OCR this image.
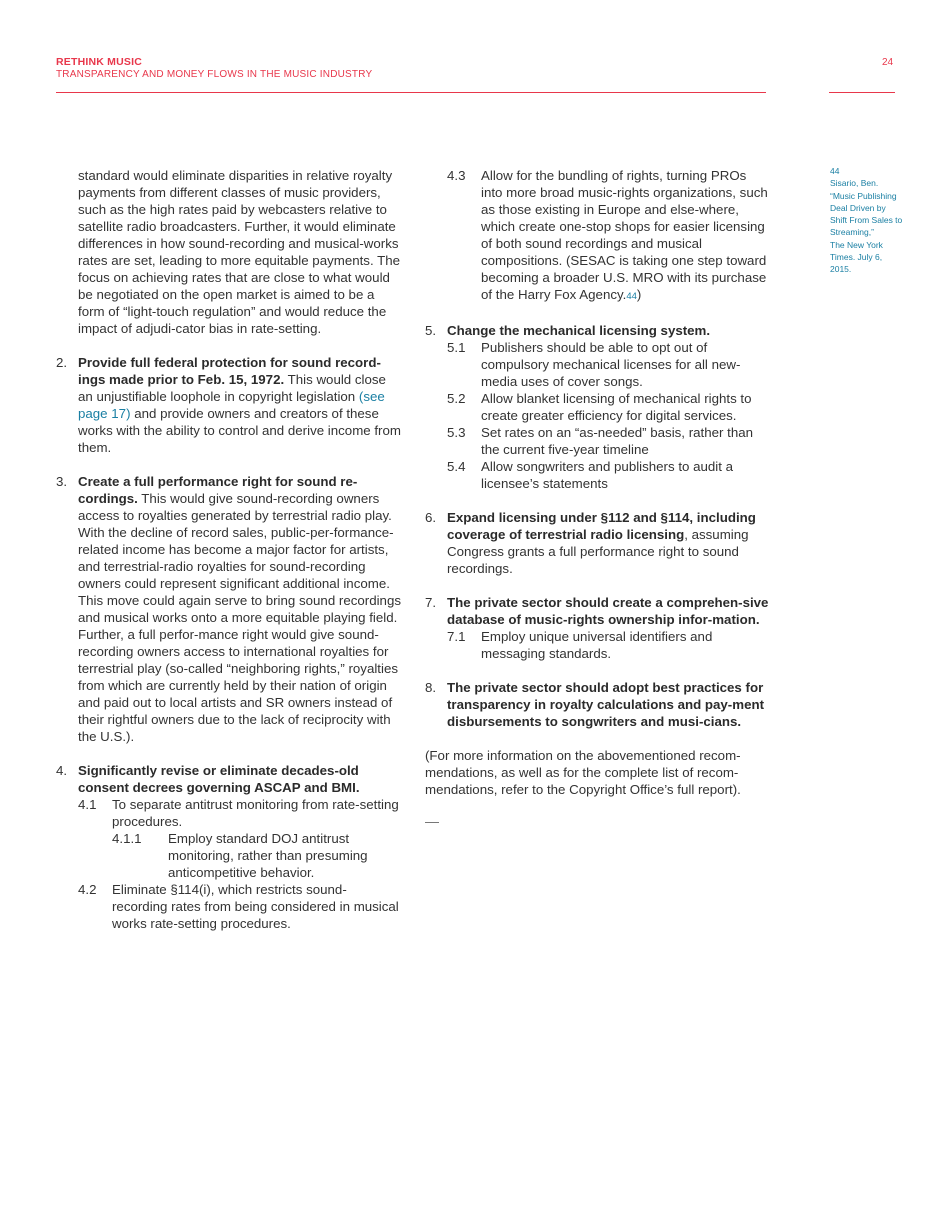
RETHINK MUSIC
TRANSPARENCY AND MONEY FLOWS IN THE MUSIC INDUSTRY
24

standard would eliminate disparities in relative royalty payments from different classes of music providers, such as the high rates paid by webcasters relative to satellite radio broadcasters. Further, it would eliminate differences in how sound-recording and musical-works rates are set, leading to more equitable payments. The focus on achieving rates that are close to what would be negotiated on the open market is aimed to be a form of “light-touch regulation” and would reduce the impact of adjudi-cator bias in rate-setting.

2. Provide full federal protection for sound record-ings made prior to Feb. 15, 1972. This would close an unjustifiable loophole in copyright legislation (see page 17) and provide owners and creators of these works with the ability to control and derive income from them.
3. Create a full performance right for sound re-cordings. This would give sound-recording owners access to royalties generated by terrestrial radio play. With the decline of record sales, public-per-formance-related income has become a major factor for artists, and terrestrial-radio royalties for sound-recording owners could represent significant additional income. This move could again serve to bring sound recordings and musical works onto a more equitable playing field. Further, a full perfor-mance right would give sound-recording owners access to international royalties for terrestrial play (so-called “neighboring rights,” royalties from which are currently held by their nation of origin and paid out to local artists and SR owners instead of their rightful owners due to the lack of reciprocity with the U.S.).
4. Significantly revise or eliminate decades-old consent decrees governing ASCAP and BMI.
4.1 To separate antitrust monitoring from rate-setting procedures.
4.1.1 Employ standard DOJ antitrust monitoring, rather than presuming anticompetitive behavior.
4.2 Eliminate §114(i), which restricts sound-recording rates from being considered in musical works rate-setting procedures.
4.3 Allow for the bundling of rights, turning PROs into more broad music-rights organizations, such as those existing in Europe and else-where, which create one-stop shops for easier licensing of both sound recordings and musical compositions. (SESAC is taking one step toward becoming a broader U.S. MRO with its purchase of the Harry Fox Agency.44)
5. Change the mechanical licensing system.
5.1 Publishers should be able to opt out of compulsory mechanical licenses for all new-media uses of cover songs.
5.2 Allow blanket licensing of mechanical rights to create greater efficiency for digital services.
5.3 Set rates on an “as-needed” basis, rather than the current five-year timeline
5.4 Allow songwriters and publishers to audit a licensee’s statements
6. Expand licensing under §112 and §114, including coverage of terrestrial radio licensing, assuming Congress grants a full performance right to sound recordings.
7. The private sector should create a comprehen-sive database of music-rights ownership infor-mation.
7.1 Employ unique universal identifiers and messaging standards.
8. The private sector should adopt best practices for transparency in royalty calculations and pay-ment disbursements to songwriters and musi-cians.

(For more information on the abovementioned recom-mendations, as well as for the complete list of recom-mendations, refer to the Copyright Office’s full report).

44
Sisario, Ben.
“Music Publishing Deal Driven by Shift From Sales to Streaming,”
The New York Times. July 6, 2015.
